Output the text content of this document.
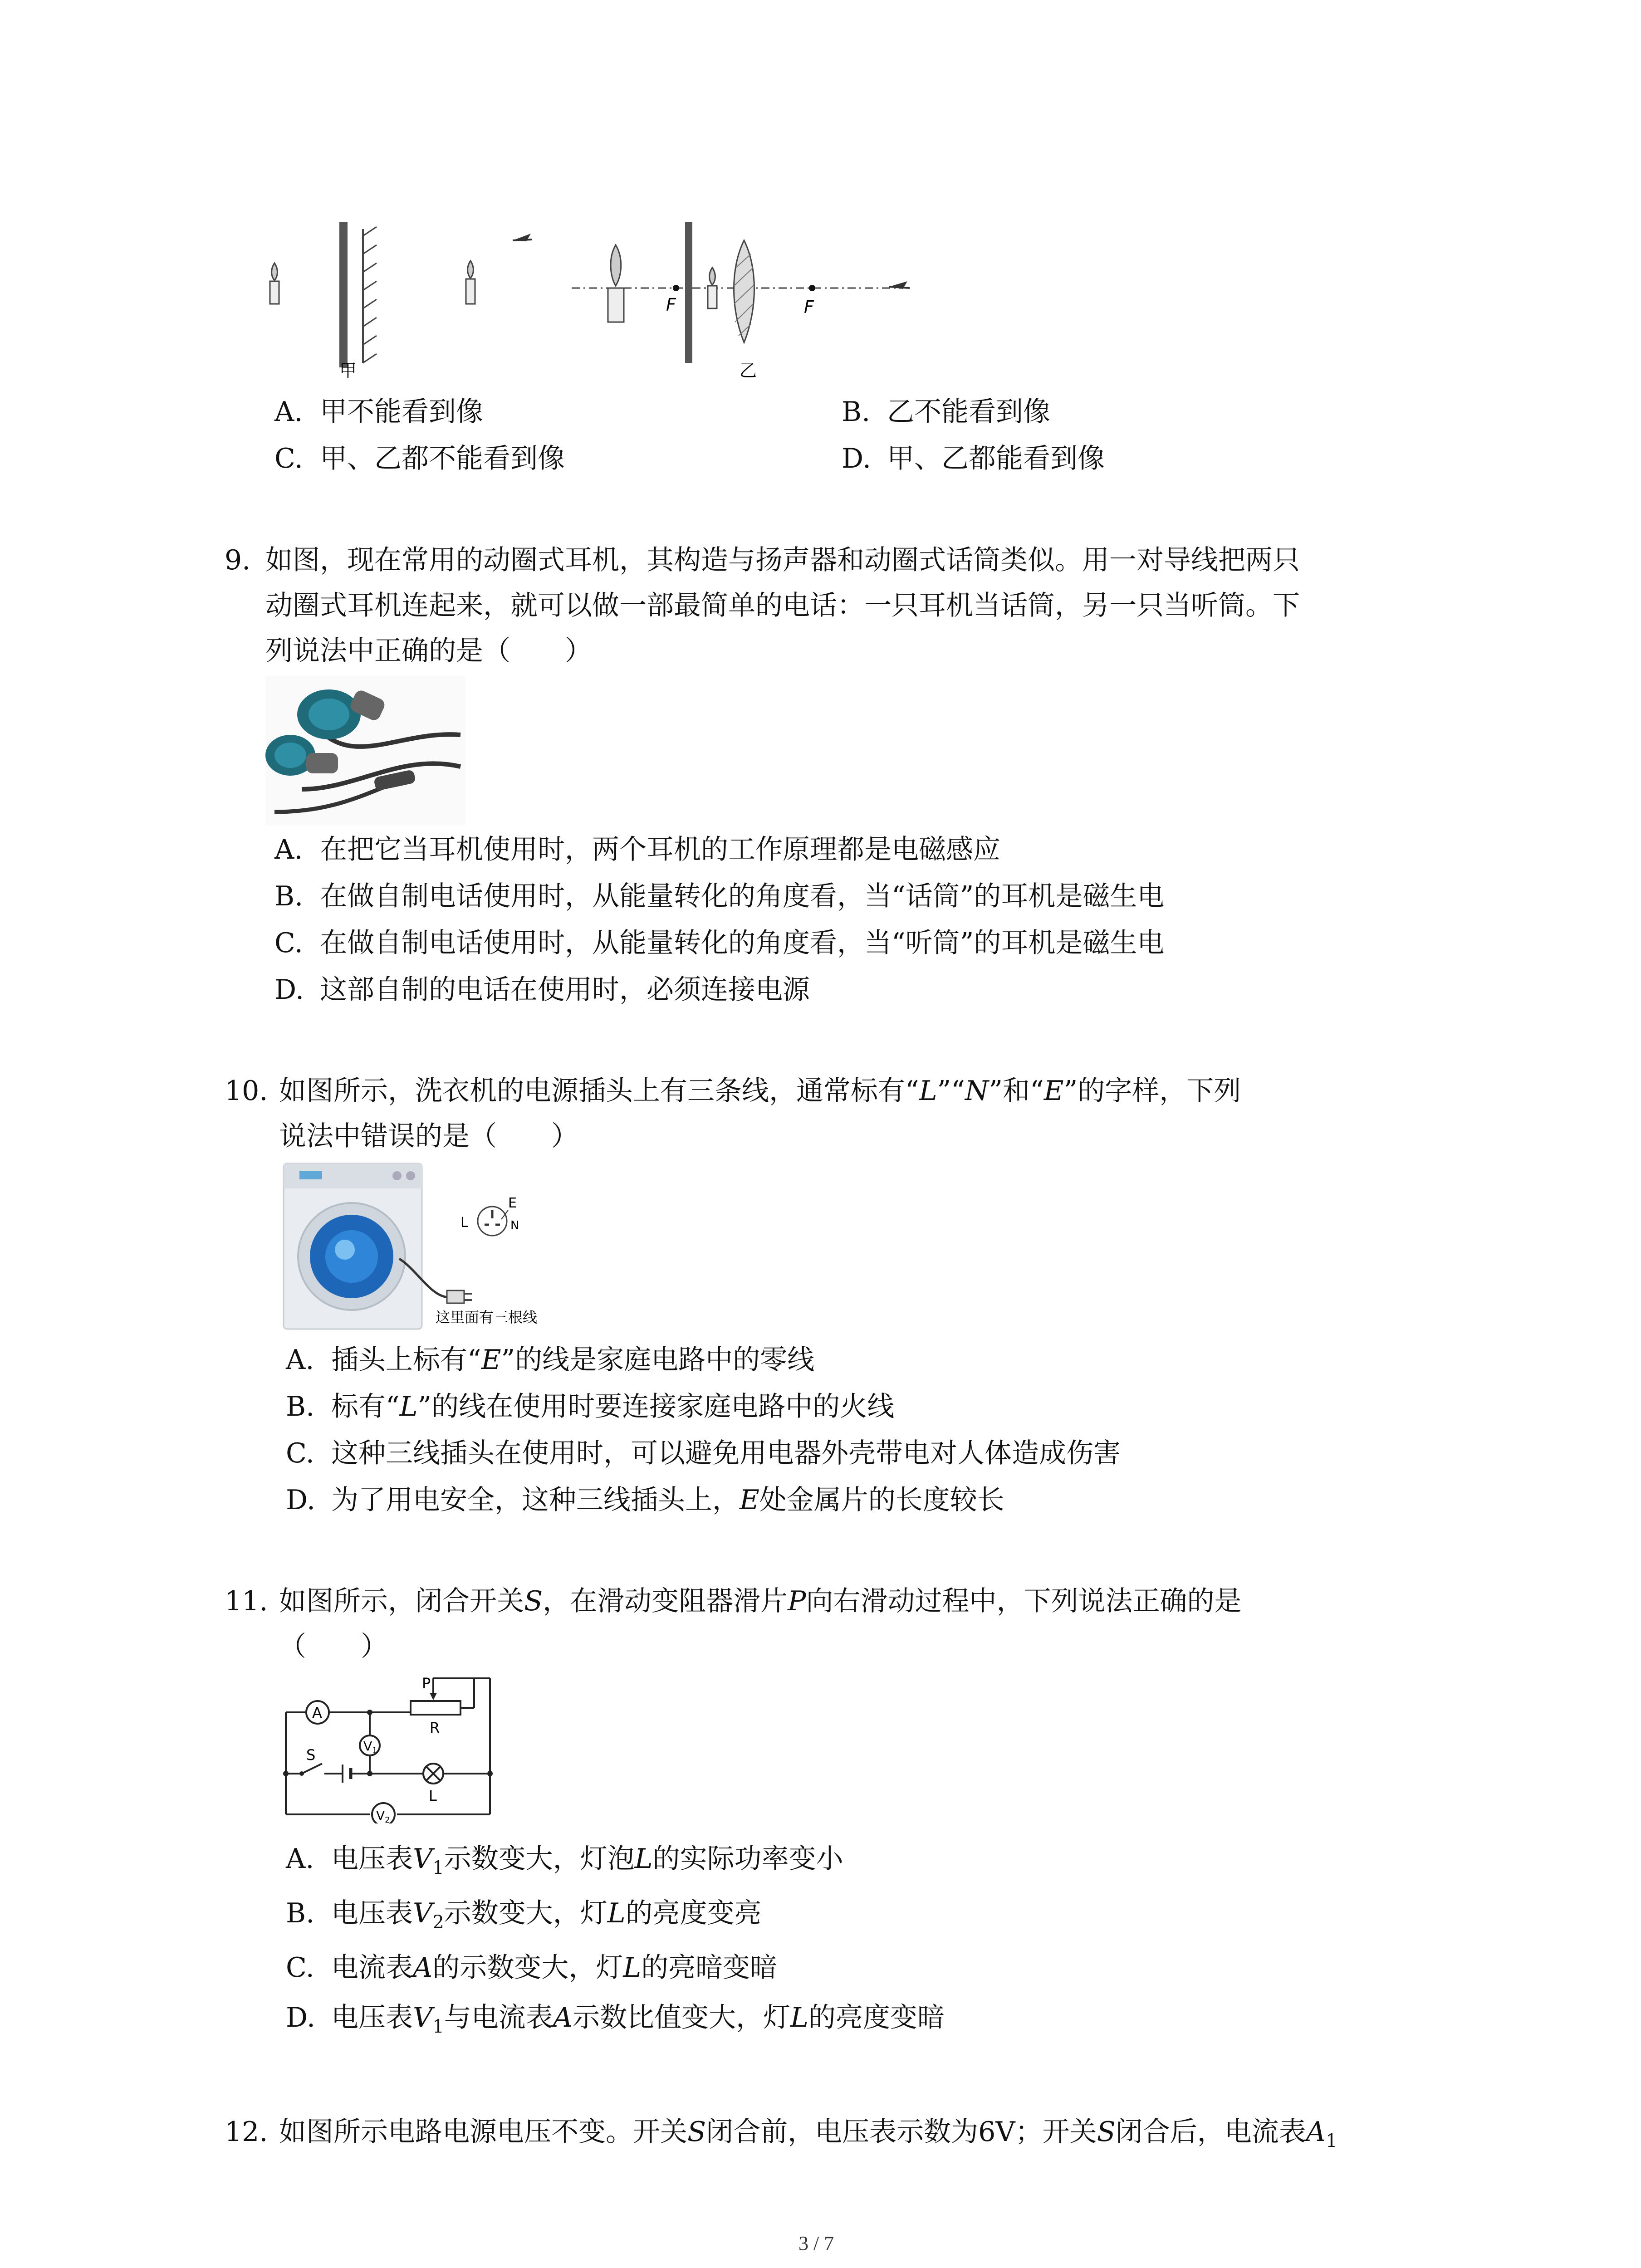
甲
F	F
乙
A. 甲不能看到像	B. 乙不能看到像
C. 甲、乙都不能看到像	D. 甲、乙都能看到像
9. 如图，现在常用的动圈式耳机，其构造与扬声器和动圈式话筒类似。用一对导线把两只
动圈式耳机连起来，就可以做一部最简单的电话：一只耳机当话筒，另一只当听筒。下
列说法中正确的是（　　）
A. 在把它当耳机使用时，两个耳机的工作原理都是电磁感应
B. 在做自制电话使用时，从能量转化的角度看，当“话筒”的耳机是磁生电
C. 在做自制电话使用时，从能量转化的角度看，当“听筒”的耳机是磁生电
D. 这部自制的电话在使用时，必须连接电源
10. 如图所示，洗衣机的电源插头上有三条线，通常标有“L”“N”和“E”的字样，下列
说法中错误的是（　　）
E
L	N
这里面有三根线
A. 插头上标有“E”的线是家庭电路中的零线
B. 标有“L”的线在使用时要连接家庭电路中的火线
C. 这种三线插头在使用时，可以避免用电器外壳带电对人体造成伤害
D. 为了用电安全，这种三线插头上，E处金属片的长度较长
11. 如图所示，闭合开关S，在滑动变阻器滑片P向右滑动过程中，下列说法正确的是
（　　）
A
$V_1$
$V_2$
P
R
S
L
A. 电压表$V_1$示数变大，灯泡L的实际功率变小
B. 电压表$V_2$示数变大，灯L的亮度变亮
C. 电流表A的示数变大，灯L的亮暗变暗
D. 电压表$V_1$与电流表A示数比值变大，灯L的亮度变暗
12. 如图所示电路电源电压不变。开关S闭合前，电压表示数为6V；开关S闭合后，电流表$A_1$
3 / 7
